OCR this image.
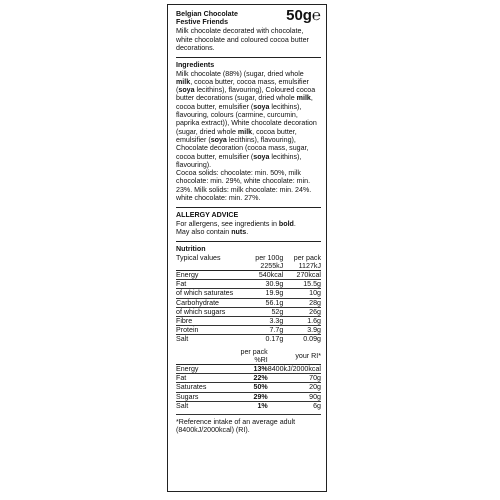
Belgian Chocolate
Festive Friends	50g℮
Milk chocolate decorated with chocolate, white chocolate and coloured cocoa butter decorations.
Ingredients
Milk chocolate (88%) (sugar, dried whole milk, cocoa butter, cocoa mass, emulsifier (soya lecithins), flavouring), Coloured cocoa butter decorations (sugar, dried whole milk, cocoa butter, emulsifier (soya lecithins), flavouring, colours (carmine, curcumin, paprika extract)), White chocolate decoration (sugar, dried whole milk, cocoa butter, emulsifier (soya lecithins), flavouring), Chocolate decoration (cocoa mass, sugar, cocoa butter, emulsifier (soya lecithins), flavouring).
Cocoa solids: chocolate: min. 50%, milk chocolate: min. 29%, white chocolate: min. 23%. Milk solids: milk chocolate: min. 24%. white chocolate: min. 27%.
ALLERGY ADVICE
For allergens, see ingredients in bold.
May also contain nuts.
Nutrition
Typical values	per 100g	per pack
	2255kJ	1127kJ
Energy	540kcal	270kcal
Fat	30.9g	15.5g
of which saturates	19.9g	10g
Carbohydrate	56.1g	28g
of which sugars	52g	26g
Fibre	3.3g	1.6g
Protein	7.7g	3.9g
Salt	0.17g	0.09g
	per pack %RI	your RI*
Energy	13%	8400kJ/2000kcal
Fat	22%	70g
Saturates	50%	20g
Sugars	29%	90g
Salt	1%	6g
*Reference intake of an average adult (8400kJ/2000kcal) (RI).
